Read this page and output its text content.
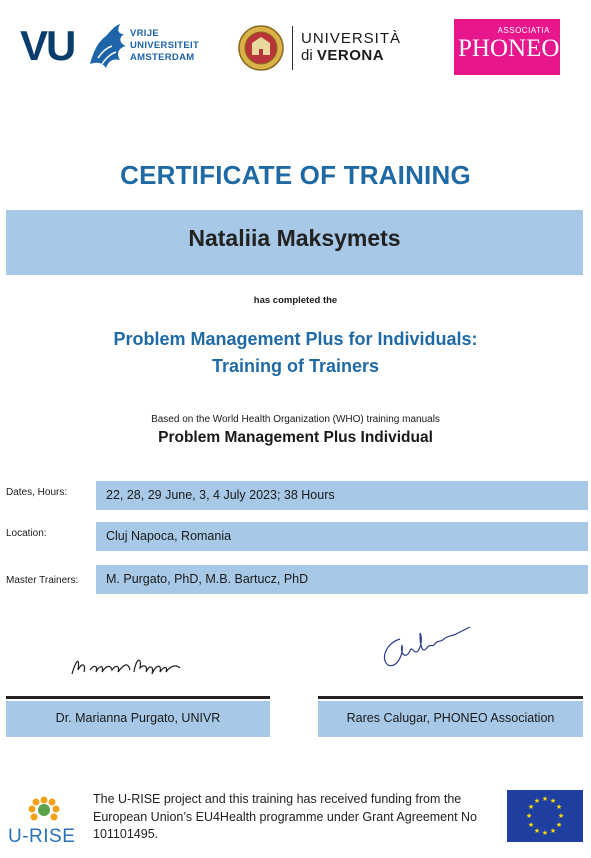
VU	VRIJE
UNIVERSITEIT
AMSTERDAM
UNIVERSITÀ
di VERONA
ASSOCIATIA
PHONEO
CERTIFICATE OF TRAINING
Nataliia Maksymets
has completed the
Problem Management Plus for Individuals:
Training of Trainers
Based on the World Health Organization (WHO) training manuals
Problem Management Plus Individual
Dates, Hours:	22, 28, 29 June, 3, 4 July 2023; 38 Hours
Location:	Cluj Napoca, Romania
Master Trainers:	M. Purgato, PhD, M.B. Bartucz, PhD
Dr. Marianna Purgato, UNIVR	Rares Calugar, PHONEO Association
U-RISE
The U-RISE project and this training has received funding from the European Union’s EU4Health programme under Grant Agreement No 101101495.
★ ★
★
★
★
★
★
★
★
★
★
★
